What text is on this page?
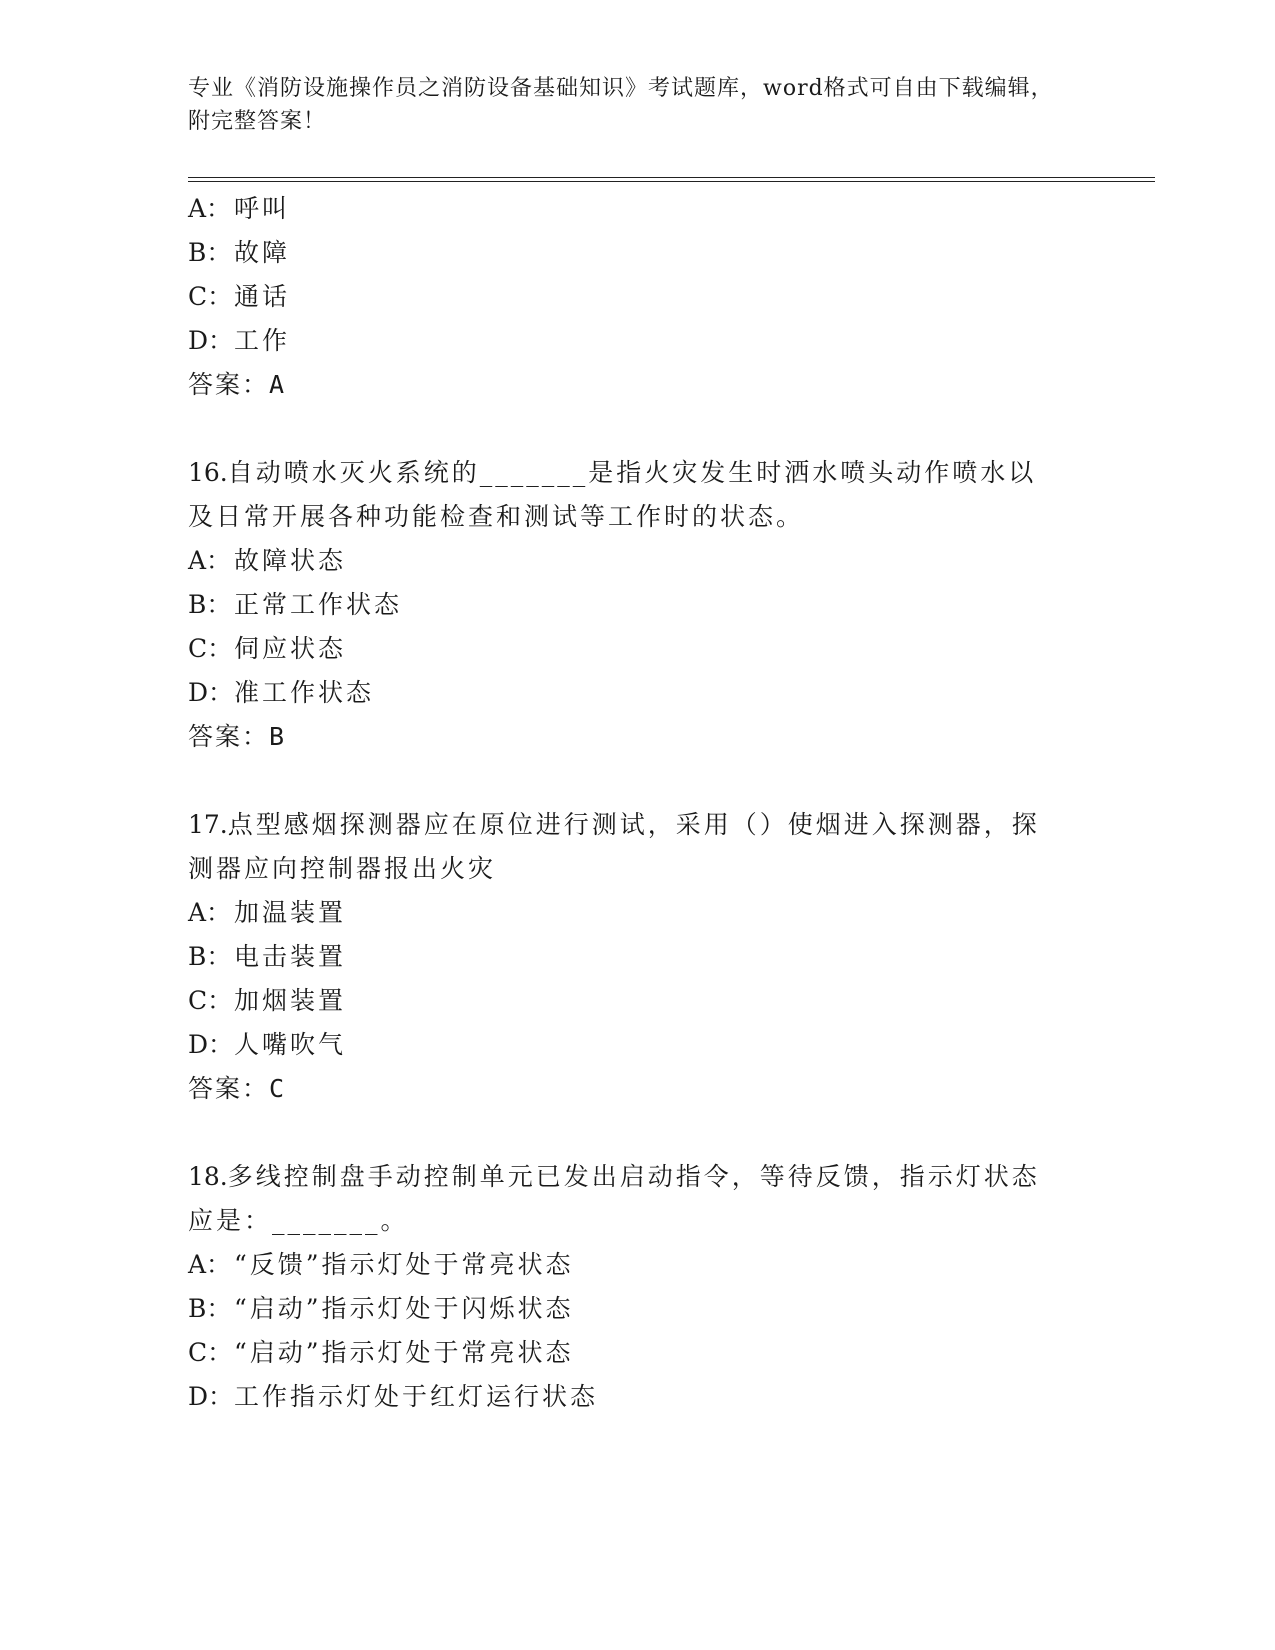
专业《消防设施操作员之消防设备基础知识》考试题库，word格式可自由下载编辑，附完整答案！
A： 呼叫
B： 故障
C：通话
D：工作
答案：A
16.自动喷水灭火系统的_______是指火灾发生时洒水喷头动作喷水以
及日常开展各种功能检查和测试等工作时的状态。
A： 故障状态
B： 正常工作状态
C：伺应状态
D：准工作状态
答案：B
17.点型感烟探测器应在原位进行测试，采用（）使烟进入探测器，探
测器应向控制器报出火灾
A： 加温装置
B： 电击装置
C：加烟装置
D：人嘴吹气
答案：C
18.多线控制盘手动控制单元已发出启动指令，等待反馈，指示灯状态
应是：_______。
A： “反馈”指示灯处于常亮状态
B： “启动”指示灯处于闪烁状态
C：“启动”指示灯处于常亮状态
D：工作指示灯处于红灯运行状态
